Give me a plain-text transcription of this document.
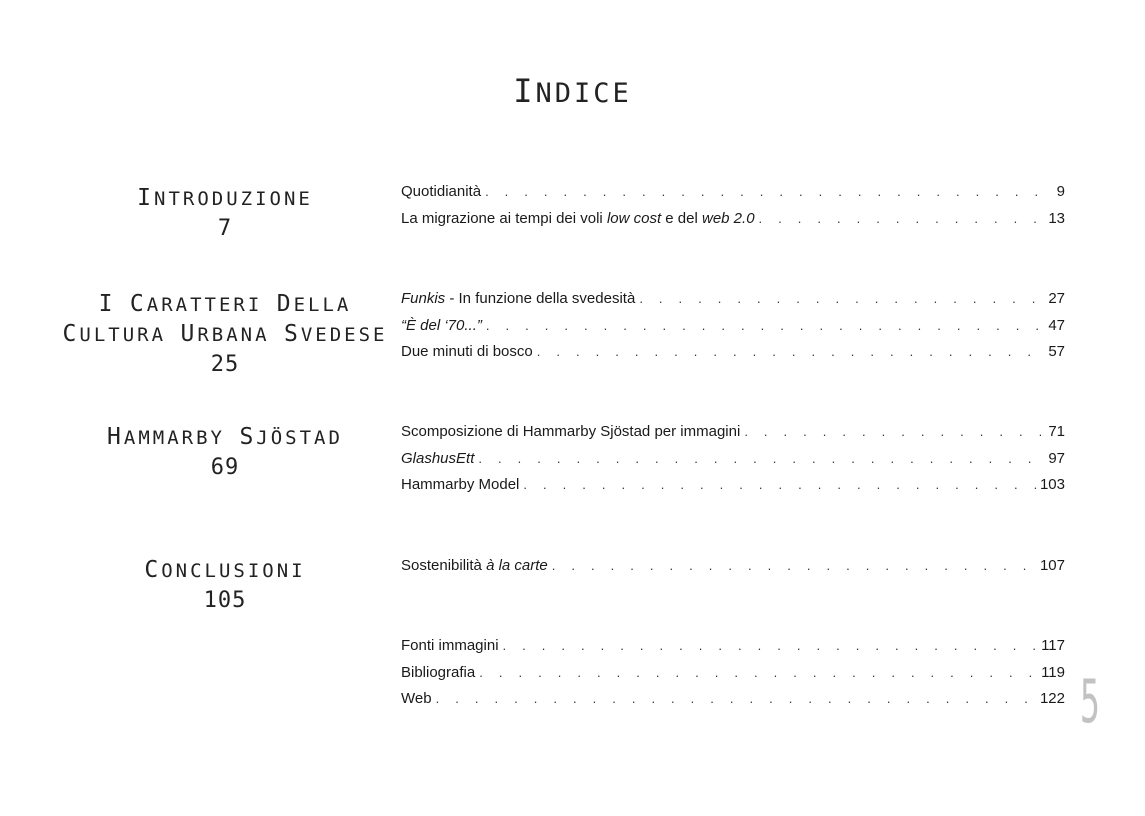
INDICE
INTRODUZIONE
7
I CARATTERI DELLA
CULTURA URBANA SVEDESE
25
HAMMARBY SJÖSTAD
69
CONCLUSIONI
105
Quotidianità . . .	9
La migrazione ai tempi dei voli low cost e del web 2.0 . . .	13
Funkis - In funzione della svedesità . . .	27
“È del ‘70...” . . .	47
Due minuti di bosco . . .	57
Scomposizione di Hammarby Sjöstad per immagini . . .	71
GlashusEtt . . .	97
Hammarby Model . . .	103
Sostenibilità à la carte . . .	107
Fonti immagini . . .	117
Bibliografia . . .	119
Web . . .	122 5
